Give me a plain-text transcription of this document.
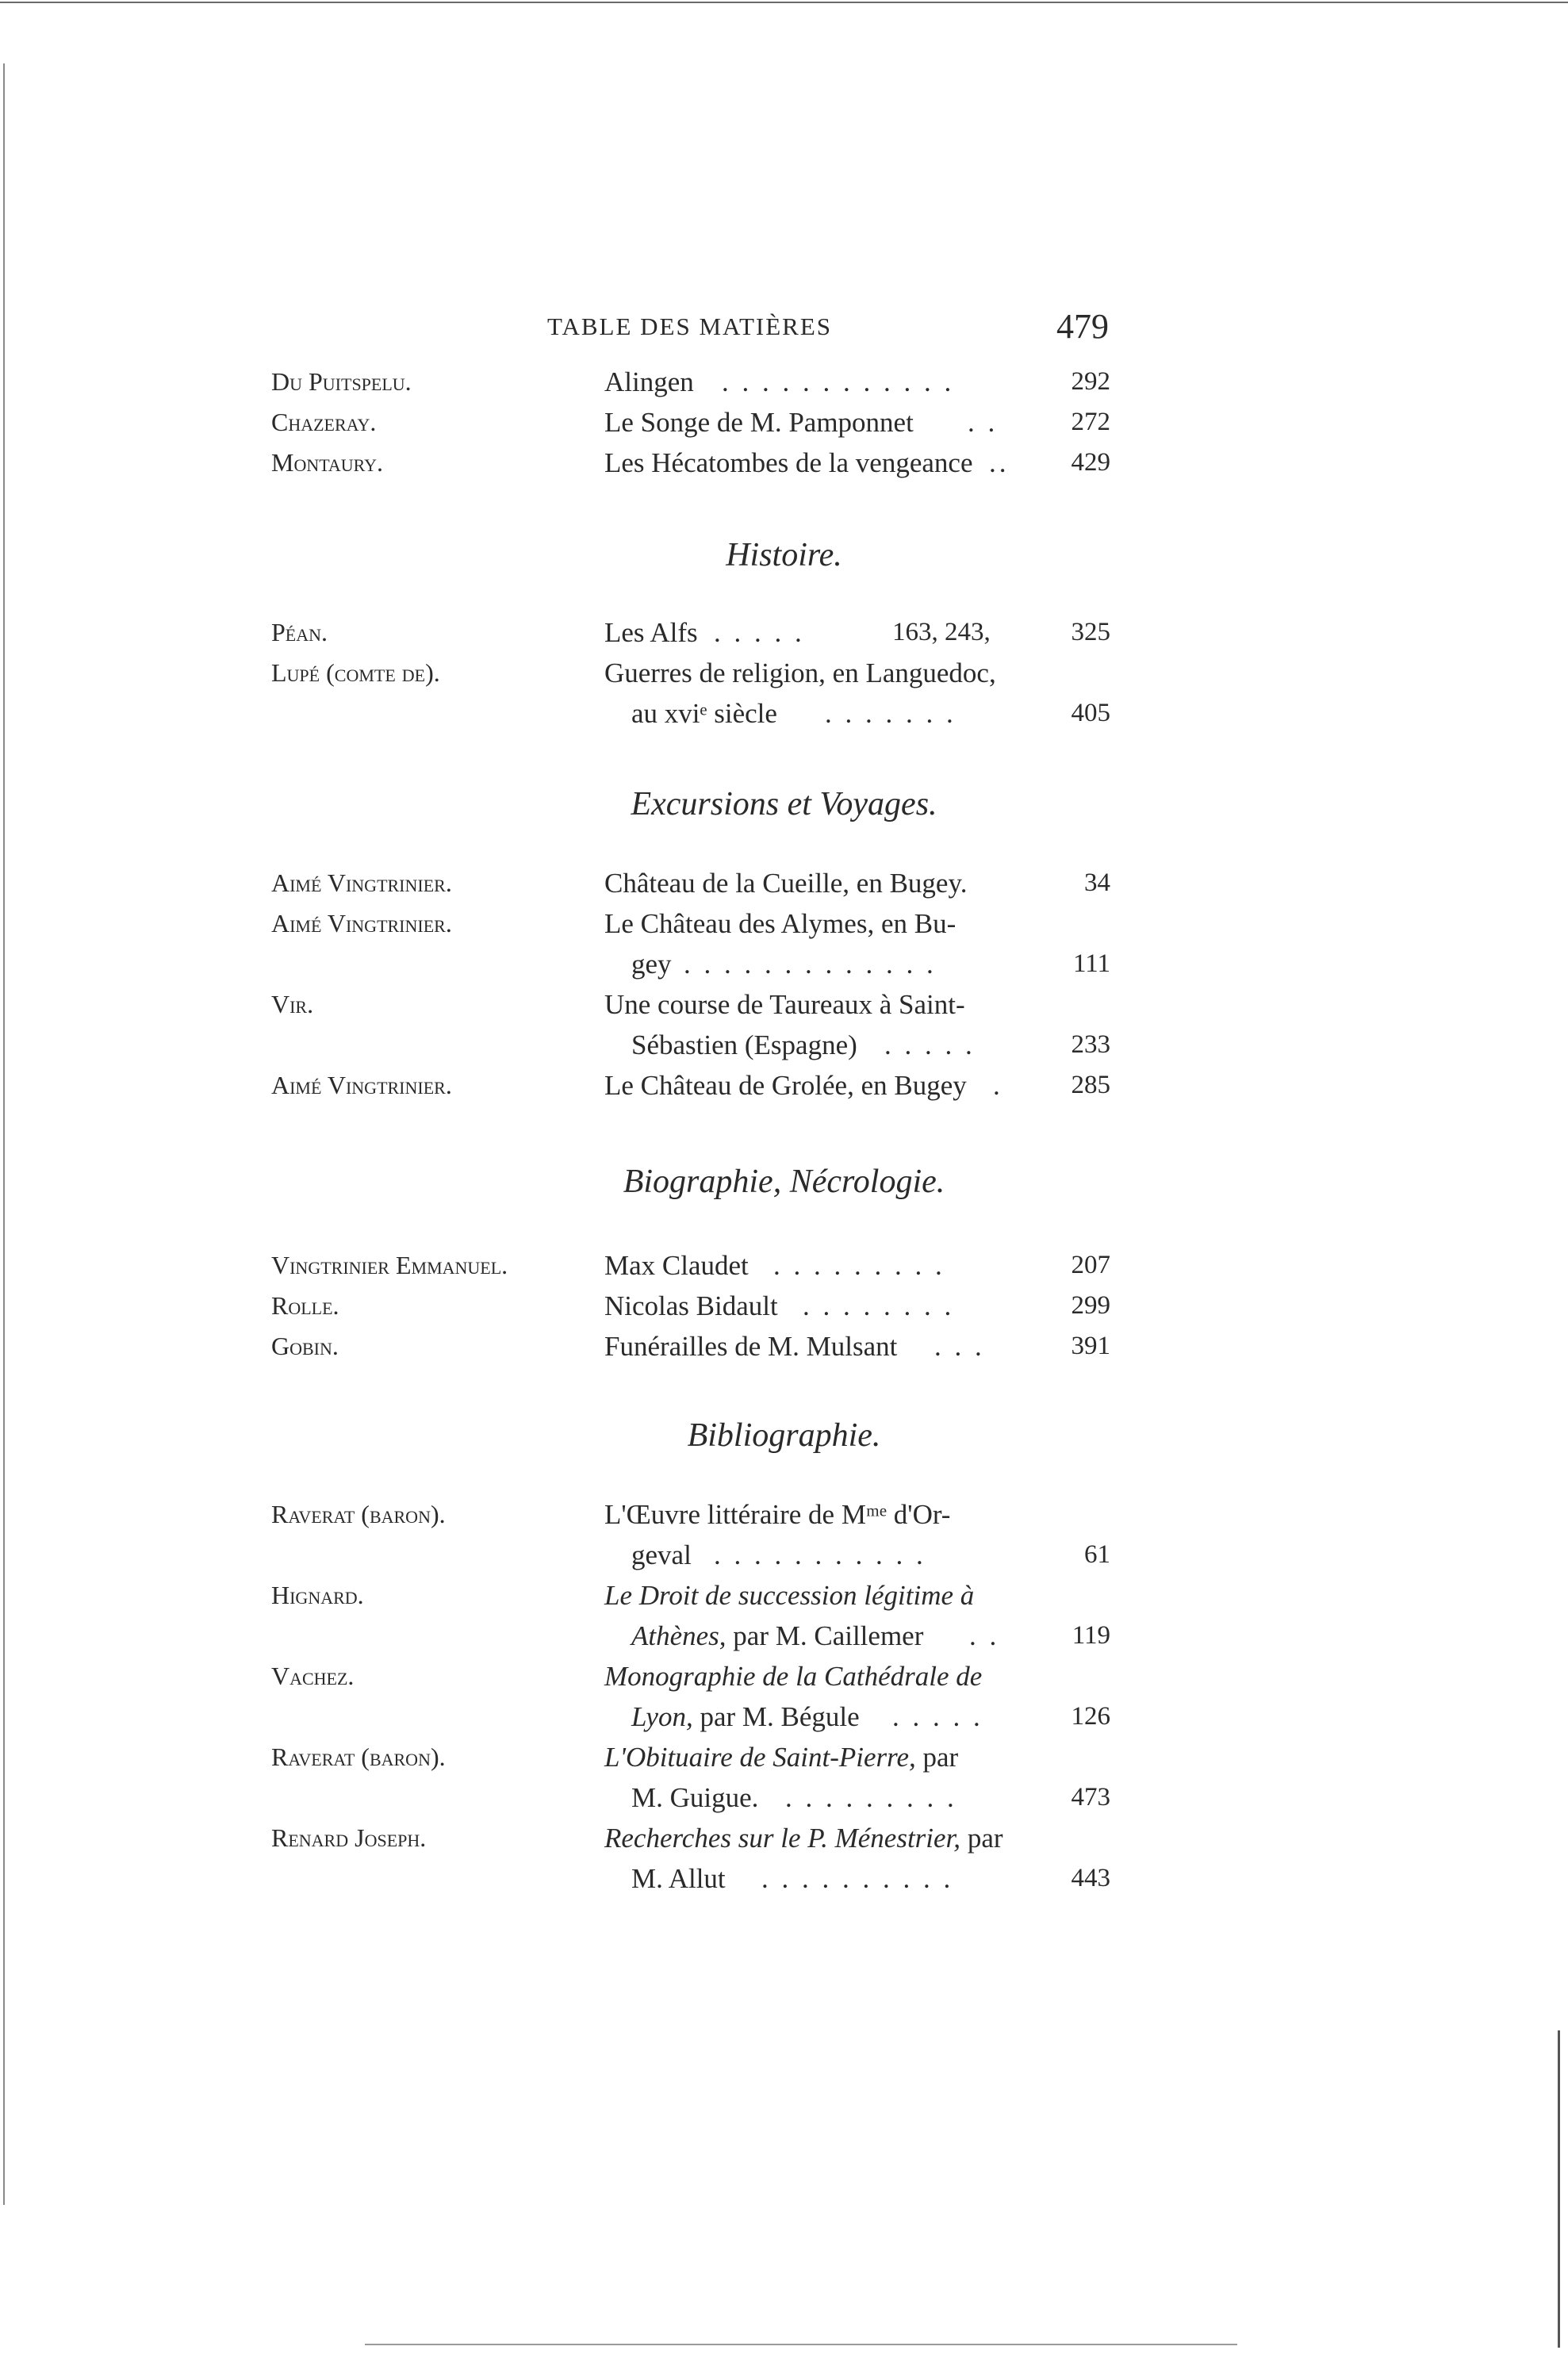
TABLE DES MATIÈRES	479
Du Puitspelu.	Alingen . . . . . . . . . . . .	292
Chazeray.	Le Songe de M. Pamponnet . .	272
Montaury.	Les Hécatombes de la vengeance .. 429
Histoire.
Péan.	Les Alfs . . . . .	163, 243,	325
Lupé (comte de).	Guerres de religion, en Languedoc,
au xviᵉ siècle . . . . . . .	405
Excursions et Voyages.
Aimé Vingtrinier.	Château de la Cueille, en Bugey.	34
Aimé Vingtrinier.	Le Château des Alymes, en Bu-
gey . . . . . . . . . . . . .	111
Vir.	Une course de Taureaux à Saint-
Sébastien (Espagne) . . . . .	233
Aimé Vingtrinier.	Le Château de Grolée, en Bugey .	285
Biographie, Nécrologie.
Vingtrinier Emmanuel.	Max Claudet . . . . . . . . .	207
Rolle.	Nicolas Bidault . . . . . . . .	299
Gobin.	Funérailles de M. Mulsant . . .	391
Bibliographie.
Raverat (baron).	L'Œuvre littéraire de Mᵐᵉ d'Or-
geval . . . . . . . . . . .	61
Hignard.	Le Droit de succession légitime à
Athènes, par M. Caillemer . .	119
Vachez.	Monographie de la Cathédrale de
Lyon, par M. Bégule . . . . .	126
Raverat (baron).	L'Obituaire de Saint-Pierre, par
M. Guigue. . . . . . . . . .	473
Renard Joseph.	Recherches sur le P. Ménestrier, par
M. Allut . . . . . . . . . .	443
